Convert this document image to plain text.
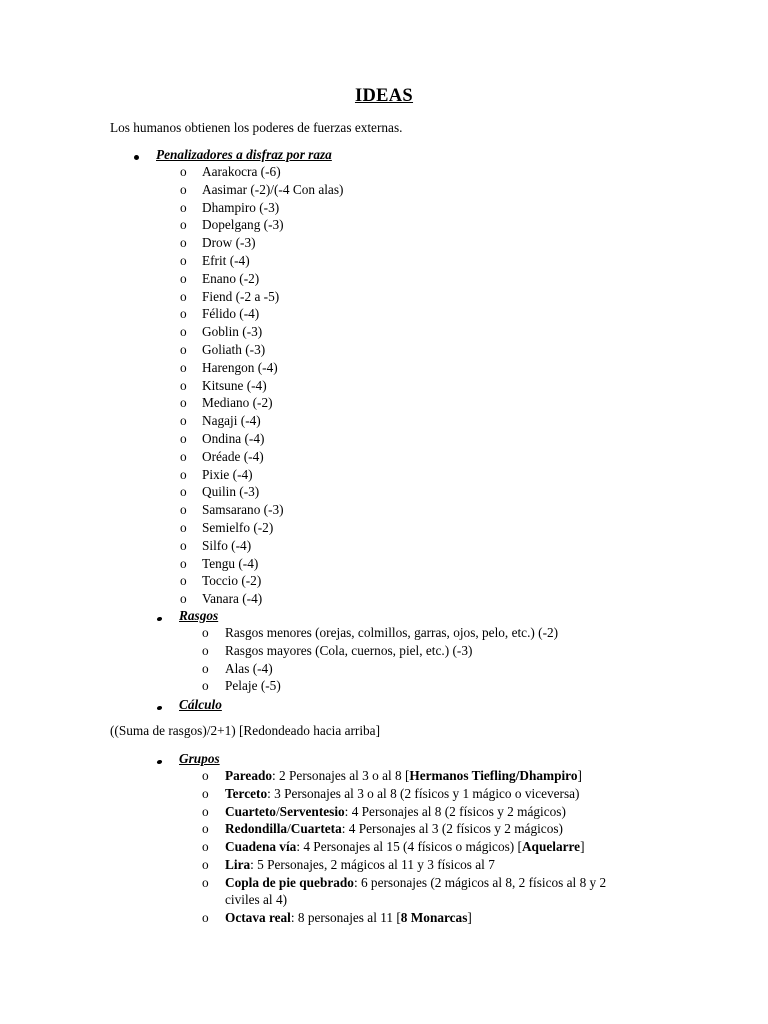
IDEAS
Los humanos obtienen los poderes de fuerzas externas.
Penalizadores a disfraz por raza
o Aarakocra (-6)
o Aasimar (-2)/(-4 Con alas)
o Dhampiro (-3)
o Dopelgang (-3)
o Drow (-3)
o Efrit (-4)
o Enano (-2)
o Fiend (-2 a -5)
o Félido (-4)
o Goblin (-3)
o Goliath (-3)
o Harengon (-4)
o Kitsune (-4)
o Mediano (-2)
o Nagaji (-4)
o Ondina (-4)
o Oréade (-4)
o Pixie (-4)
o Quilin (-3)
o Samsarano (-3)
o Semielfo (-2)
o Silfo (-4)
o Tengu (-4)
o Toccio (-2)
o Vanara (-4)
Rasgos
o Rasgos menores (orejas, colmillos, garras, ojos, pelo, etc.) (-2)
o Rasgos mayores (Cola, cuernos, piel, etc.) (-3)
o Alas (-4)
o Pelaje (-5)
Cálculo
((Suma de rasgos)/2+1) [Redondeado hacia arriba]
Grupos
o Pareado: 2 Personajes al 3 o al 8 [Hermanos Tiefling/Dhampiro]
o Terceto: 3 Personajes al 3 o al 8 (2 físicos y 1 mágico o viceversa)
o Cuarteto/Serventesio: 4 Personajes al 8 (2 físicos y 2 mágicos)
o Redondilla/Cuarteta: 4 Personajes al 3 (2 físicos y 2 mágicos)
o Cuadena vía: 4 Personajes al 15 (4 físicos o mágicos) [Aquelarre]
o Lira: 5 Personajes, 2 mágicos al 11 y 3 físicos al 7
o Copla de pie quebrado: 6 personajes (2 mágicos al 8, 2 físicos al 8 y 2
civiles al 4)
o Octava real: 8 personajes al 11 [8 Monarcas]
